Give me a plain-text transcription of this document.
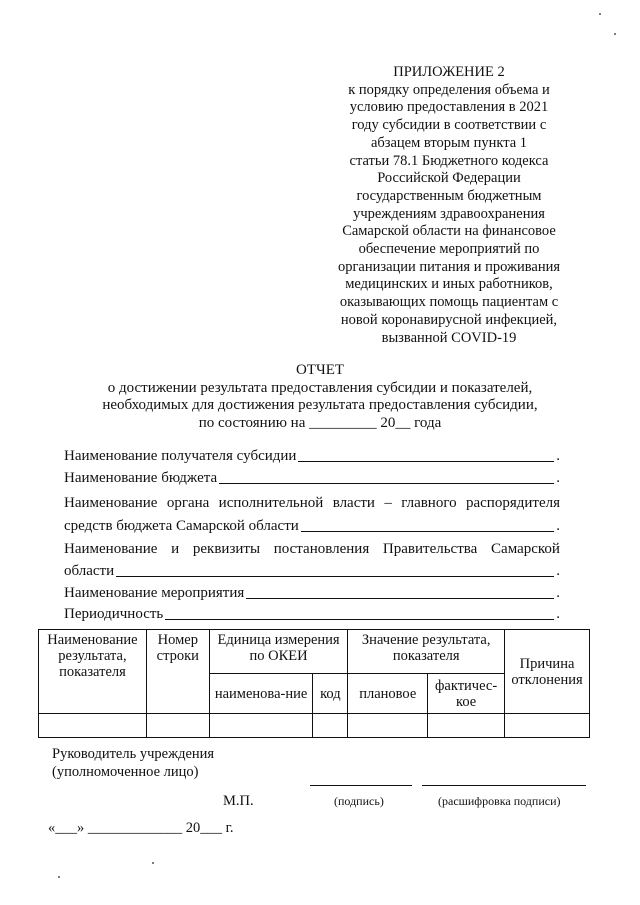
ПРИЛОЖЕНИЕ 2
к порядку определения объема и
условию предоставления в 2021
году субсидии в соответствии с
абзацем вторым пункта 1
статьи 78.1 Бюджетного кодекса
Российской Федерации
государственным бюджетным
учреждениям здравоохранения
Самарской области на финансовое
обеспечение мероприятий по
организации питания и проживания
медицинских и иных работников,
оказывающих помощь пациентам с
новой коронавирусной инфекцией,
вызванной COVID-19
ОТЧЕТ
о достижении результата предоставления субсидии и показателей,
необходимых для достижения результата предоставления субсидии,
по состоянию на _________ 20__ года
Наименование получателя субсидии	.
Наименование бюджета	.
Наименование органа исполнительной власти – главного распорядителя
средств бюджета Самарской области	.
Наименование и реквизиты постановления Правительства Самарской
области	.
Наименование мероприятия	.
Периодичность	.
Наименование результата, показателя	Номер строки	Единица измерения по ОКЕИ		Значение результата, показателя		Причина отклонения
		наименова-ние	код	плановое	фактичес-кое	

Руководитель учреждения
(уполномоченное лицо)
М.П.	(подпись)	(расшифровка подписи)
«___» _____________ 20___ г.
